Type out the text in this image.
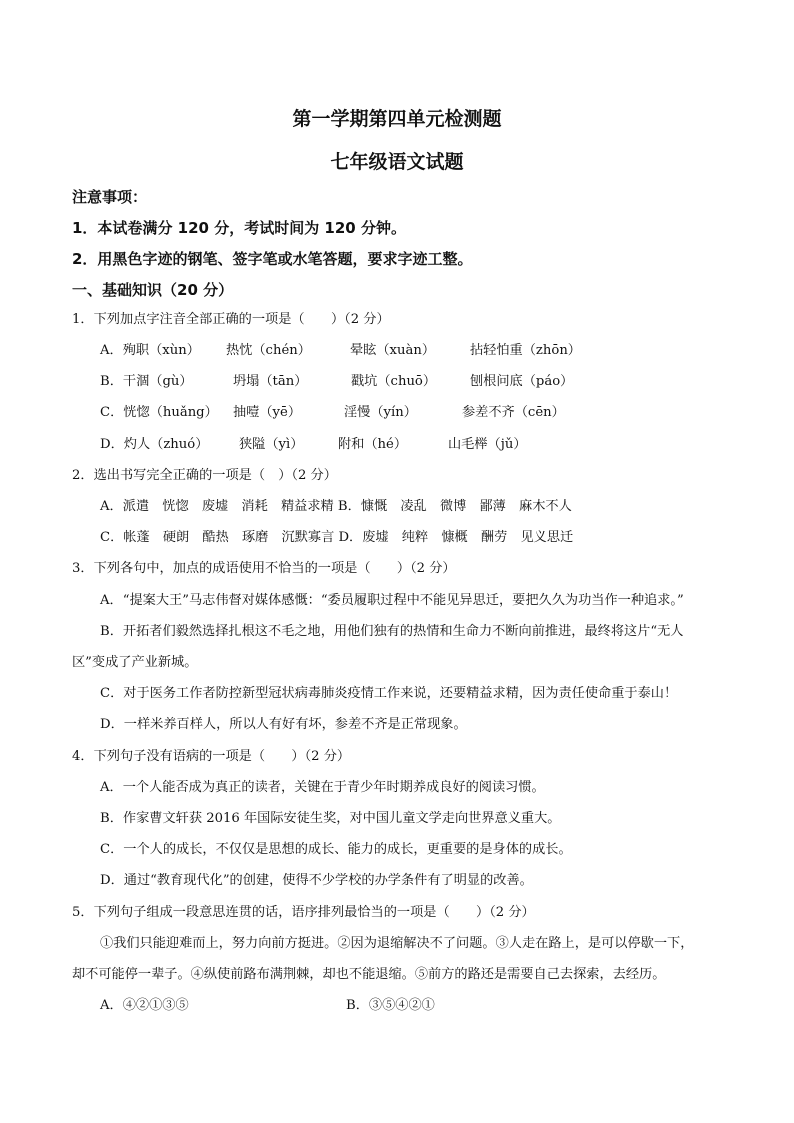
第一学期第四单元检测题
七年级语文试题
注意事项：
1．本试卷满分 120 分，考试时间为 120 分钟。
2．用黑色字迹的钢笔、签字笔或水笔答题，要求字迹工整。
一、基础知识（20 分）
1．下列加点字注音全部正确的一项是（　　）（2 分）
A．殉职（xùn） 热忱（chén）	晕眩（xuàn）	拈轻怕重（zhōn）
B．干涸（gù）	坍塌（tān）	戳坑（chuō）	刨根问底（páo）
C．恍惚（huǎng） 抽噎（yē）	淫慢（yín）	参差不齐（cēn）
D．灼人（zhuó） 狭隘（yì）	附和（hé）	山毛榉（jǔ）
2．选出书写完全正确的一项是（　）（2 分）
A．派遣　恍惚　废墟　消耗　精益求精 B．慷慨　凌乱　微博　鄙薄　麻木不人
C．帐蓬　硬朗　酷热　琢磨　沉默寡言 D．废墟　纯粹　慷概　酬劳　见义思迁
3．下列各句中，加点的成语使用不恰当的一项是（　　）（2 分）
A．“提案大王”马志伟督对媒体感慨：“委员履职过程中不能见异思迁，要把久久为功当作一种追求。”
B．开拓者们毅然选择扎根这不毛之地，用他们独有的热情和生命力不断向前推进，最终将这片“无人
区”变成了产业新城。
C．对于医务工作者防控新型冠状病毒肺炎疫情工作来说，还要精益求精，因为责任使命重于泰山！
D．一样米养百样人，所以人有好有坏，参差不齐是正常现象。
4．下列句子没有语病的一项是（　　）（2 分）
A．一个人能否成为真正的读者，关键在于青少年时期养成良好的阅读习惯。
B．作家曹文轩获 2016 年国际安徒生奖，对中国儿童文学走向世界意义重大。
C．一个人的成长，不仅仅是思想的成长、能力的成长，更重要的是身体的成长。
D．通过“教育现代化”的创建，使得不少学校的办学条件有了明显的改善。
5．下列句子组成一段意思连贯的话，语序排列最恰当的一项是（　　）（2 分）
①我们只能迎难而上，努力向前方挺进。②因为退缩解决不了问题。③人走在路上，是可以停歇一下，
却不可能停一辈子。④纵使前路布满荆棘，却也不能退缩。⑤前方的路还是需要自己去探索，去经历。
A．④②①③⑤	B．③⑤④②①
